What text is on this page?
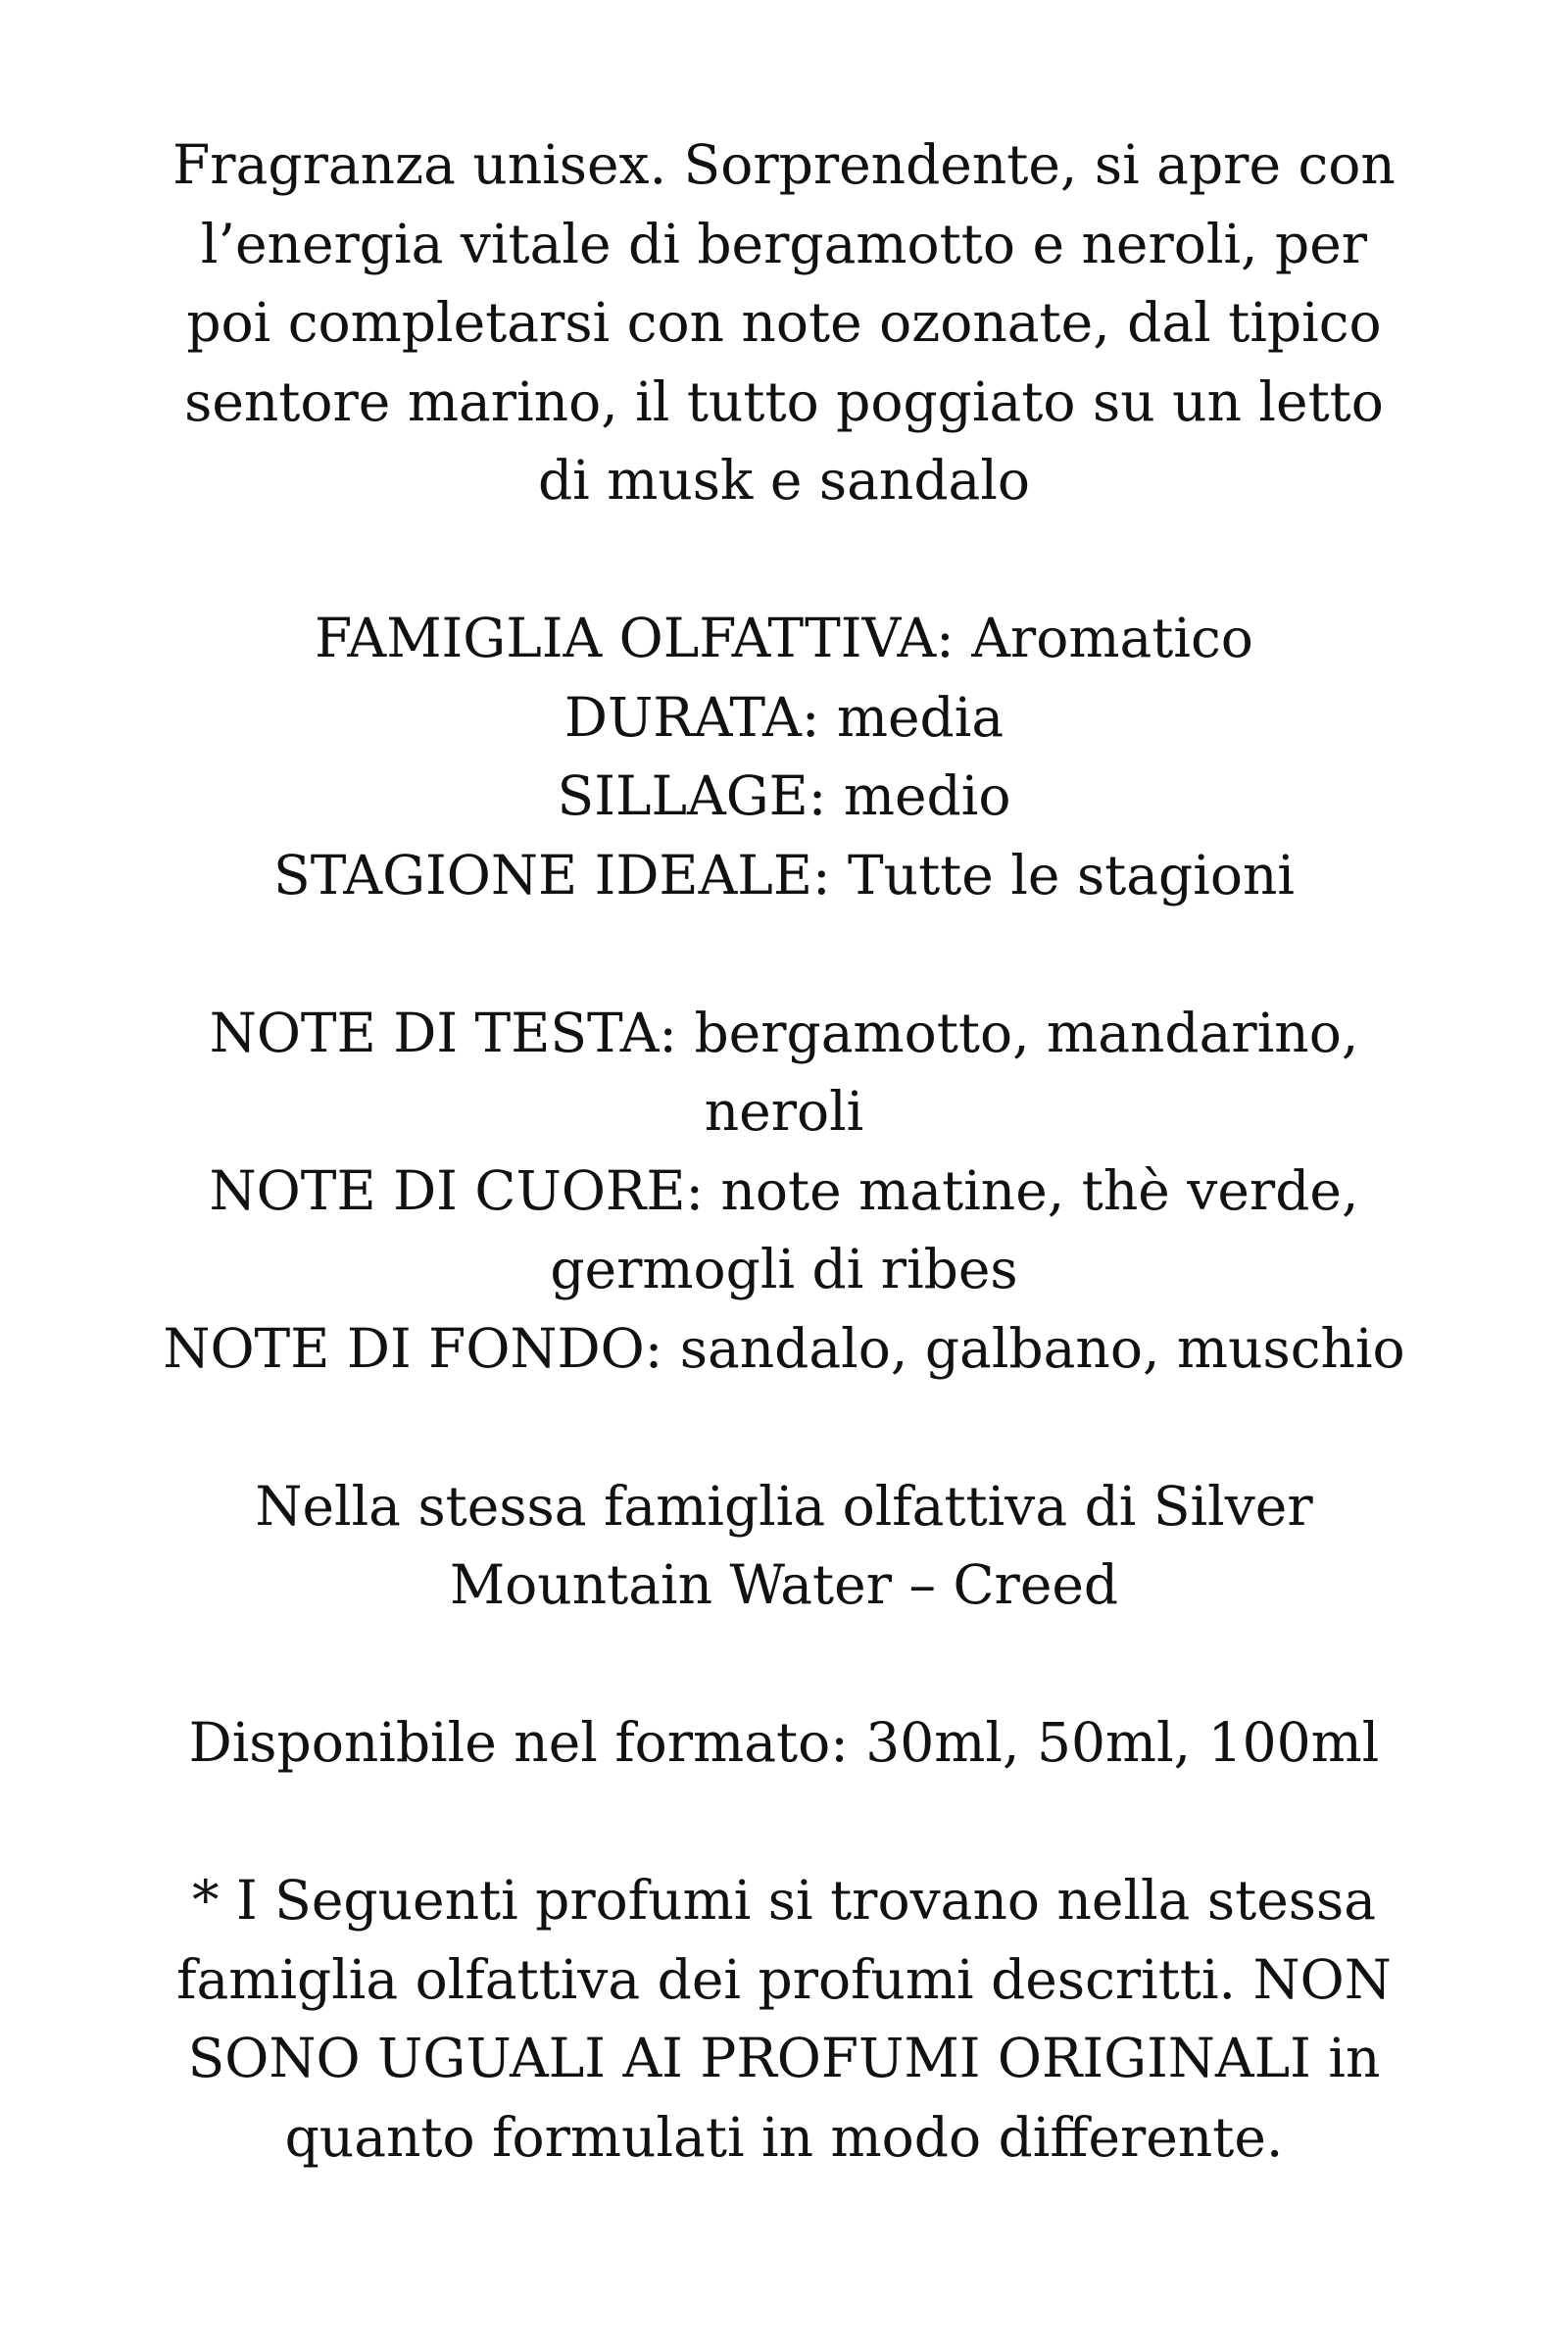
Fragranza unisex. Sorprendente, si apre con
l’energia vitale di bergamotto e neroli, per
poi completarsi con note ozonate, dal tipico
sentore marino, il tutto poggiato su un letto
di musk e sandalo

FAMIGLIA OLFATTIVA: Aromatico
DURATA: media
SILLAGE: medio
STAGIONE IDEALE: Tutte le stagioni

NOTE DI TESTA: bergamotto, mandarino,
neroli
NOTE DI CUORE: note matine, thè verde,
germogli di ribes
NOTE DI FONDO: sandalo, galbano, muschio

Nella stessa famiglia olfattiva di Silver
Mountain Water – Creed

Disponibile nel formato: 30ml, 50ml, 100ml

* I Seguenti profumi si trovano nella stessa
famiglia olfattiva dei profumi descritti. NON
SONO UGUALI AI PROFUMI ORIGINALI in
quanto formulati in modo differente.
